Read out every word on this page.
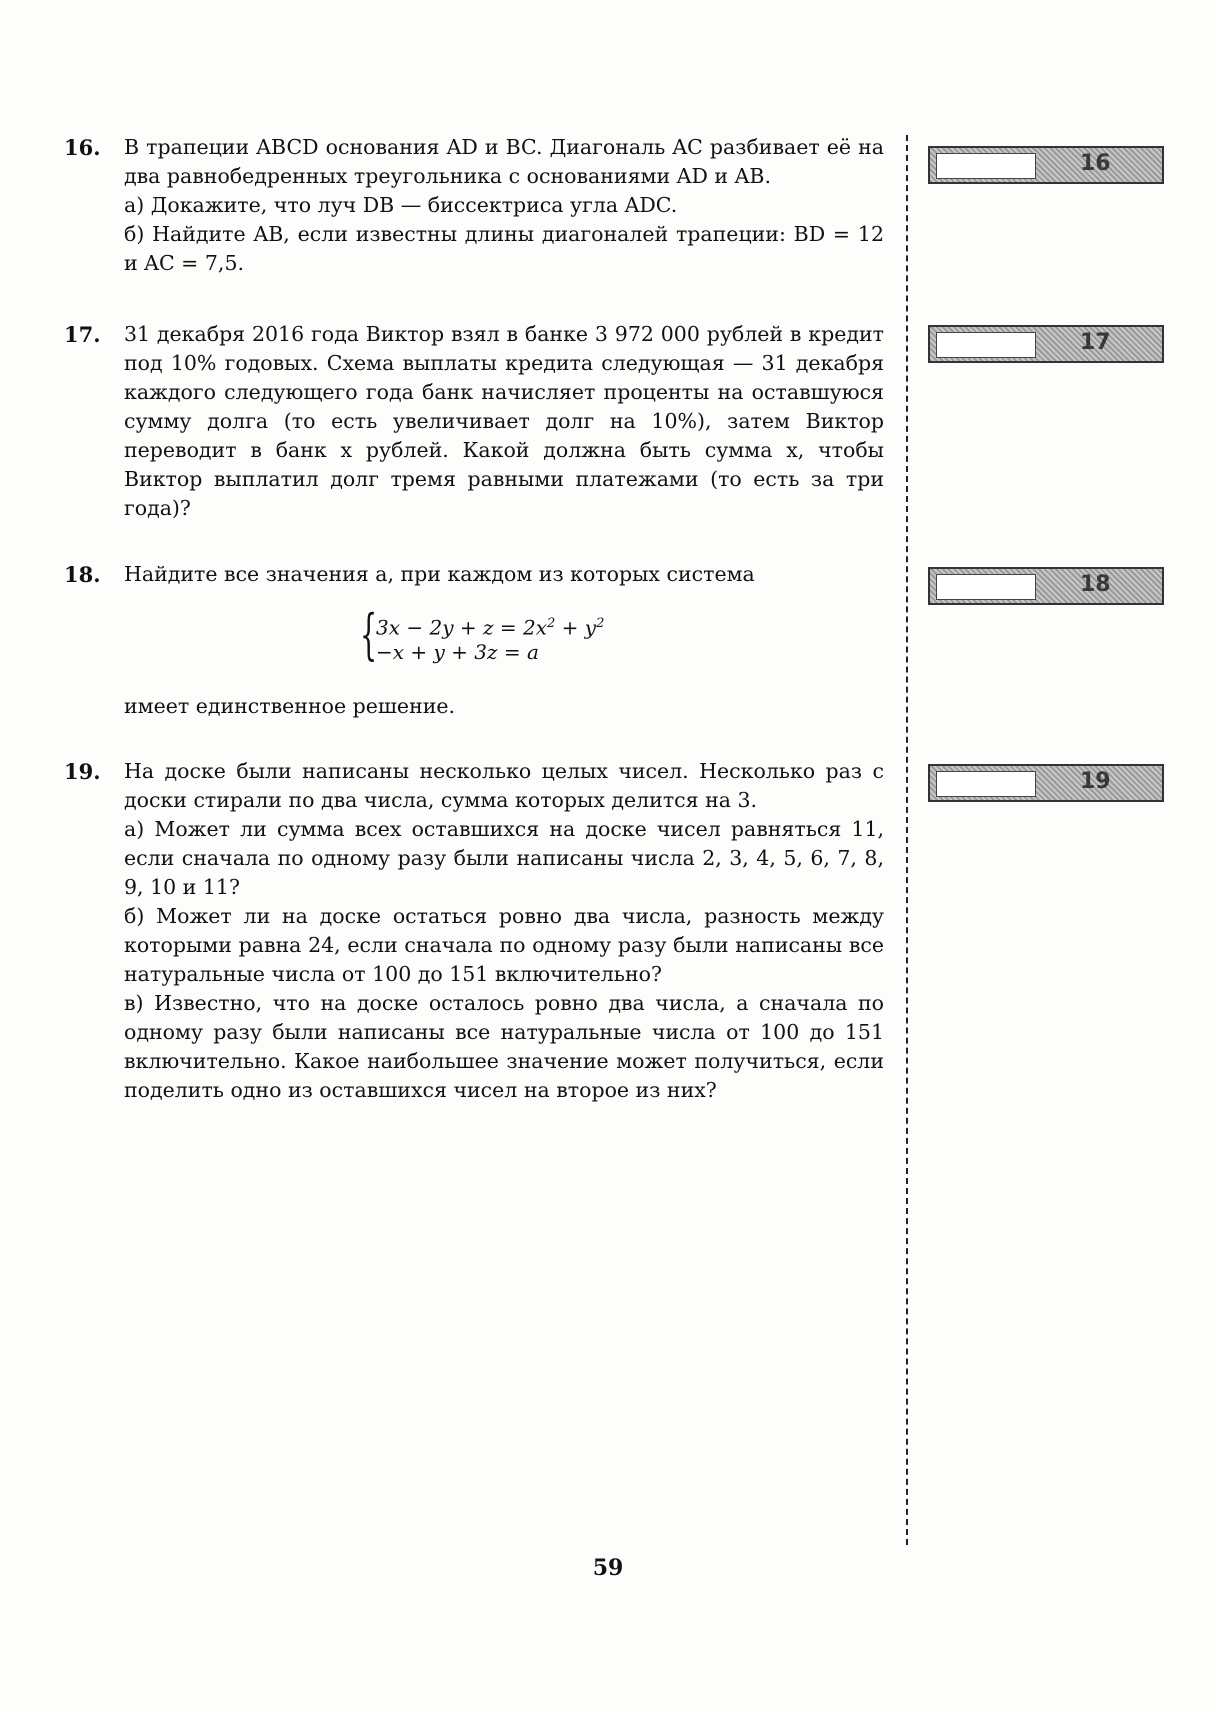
16.	В трапеции ABCD основания AD и BC. Диагональ AC разбивает её на два равнобедренных треугольника с основаниями AD и AB.

а) Докажите, что луч DB — биссектриса угла ADC.

б) Найдите AB, если известны длины диагоналей трапеции: BD = 12 и AC = 7,5.

17.	31 декабря 2016 года Виктор взял в банке 3 972 000 рублей в кредит под 10% годовых. Схема выплаты кредита следующая — 31 декабря каждого следующего года банк начисляет проценты на оставшуюся сумму долга (то есть увеличивает долг на 10%), затем Виктор переводит в банк x рублей. Какой должна быть сумма x, чтобы Виктор выплатил долг тремя равными платежами (то есть за три года)?

18.	Найдите все значения a, при каждом из которых система

{
$3x - 2y + z = 2x^2 + y^2$
−x + y + 3z = a
имеет единственное решение.
19.	На доске были написаны несколько целых чисел. Несколько раз с доски стирали по два числа, сумма которых делится на 3.

а) Может ли сумма всех оставшихся на доске чисел равняться 11, если сначала по одному разу были написаны числа 2, 3, 4, 5, 6, 7, 8, 9, 10 и 11?

б) Может ли на доске остаться ровно два числа, разность между которыми равна 24, если сначала по одному разу были написаны все натуральные числа от 100 до 151 включительно?

в) Известно, что на доске осталось ровно два числа, а сначала по одному разу были написаны все натуральные числа от 100 до 151 включительно. Какое наибольшее значение может получиться, если поделить одно из оставшихся чисел на второе из них?

16
17
18
19
59
